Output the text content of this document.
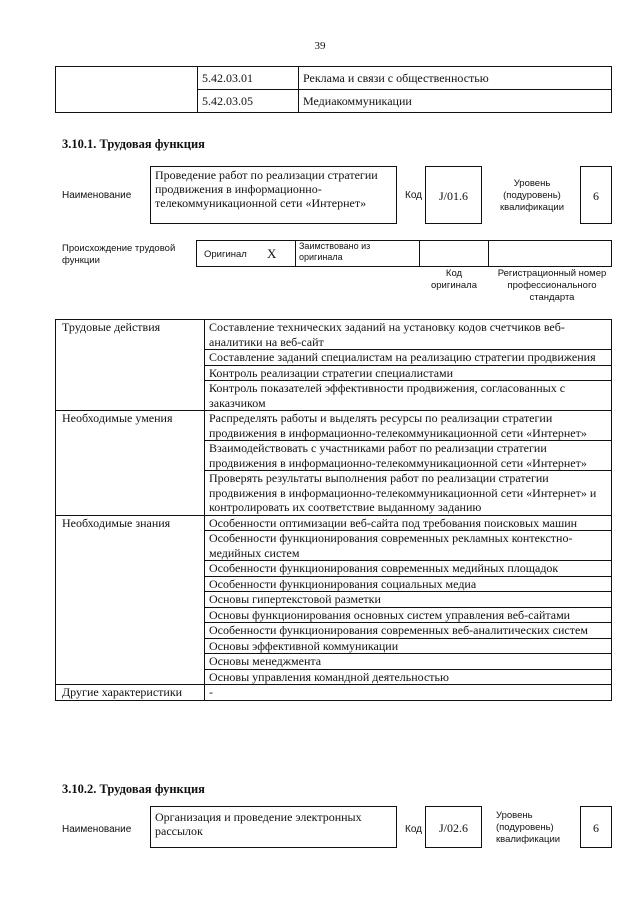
39
	5.42.03.01	Реклама и связи с общественностью
	5.42.03.05	Медиакоммуникации
3.10.1. Трудовая функция
Наименование
Проведение работ по реализации стратегии продвижения в информационно-телекоммуникационной сети «Интернет»
Код	J/01.6
Уровень (подуровень) квалификации
6
Происхождение трудовой функции
Оригинал X	Заимствовано из оригинала
Код оригинала
Регистрационный номер профессионального стандарта
Трудовые действия	Составление технических заданий на установку кодов счетчиков веб-аналитики на веб-сайт
	Составление заданий специалистам на реализацию стратегии продвижения
	Контроль реализации стратегии специалистами
	Контроль показателей эффективности продвижения, согласованных с заказчиком
Необходимые умения	Распределять работы и выделять ресурсы по реализации стратегии продвижения в информационно-телекоммуникационной сети «Интернет»
	Взаимодействовать с участниками работ по реализации стратегии продвижения в информационно-телекоммуникационной сети «Интернет»
	Проверять результаты выполнения работ по реализации стратегии продвижения в информационно-телекоммуникационной сети «Интернет» и контролировать их соответствие выданному заданию
Необходимые знания	Особенности оптимизации веб-сайта под требования поисковых машин
	Особенности функционирования современных рекламных контекстно-медийных систем
	Особенности функционирования современных медийных площадок
	Особенности функционирования социальных медиа
	Основы гипертекстовой разметки
	Основы функционирования основных систем управления веб-сайтами
	Особенности функционирования современных веб-аналитических систем
	Основы эффективной коммуникации
	Основы менеджмента
	Основы управления командной деятельностью
Другие характеристики	-
3.10.2. Трудовая функция
Наименование
Организация и проведение электронных рассылок	Код	J/02.6
Уровень (подуровень) квалификации
6
